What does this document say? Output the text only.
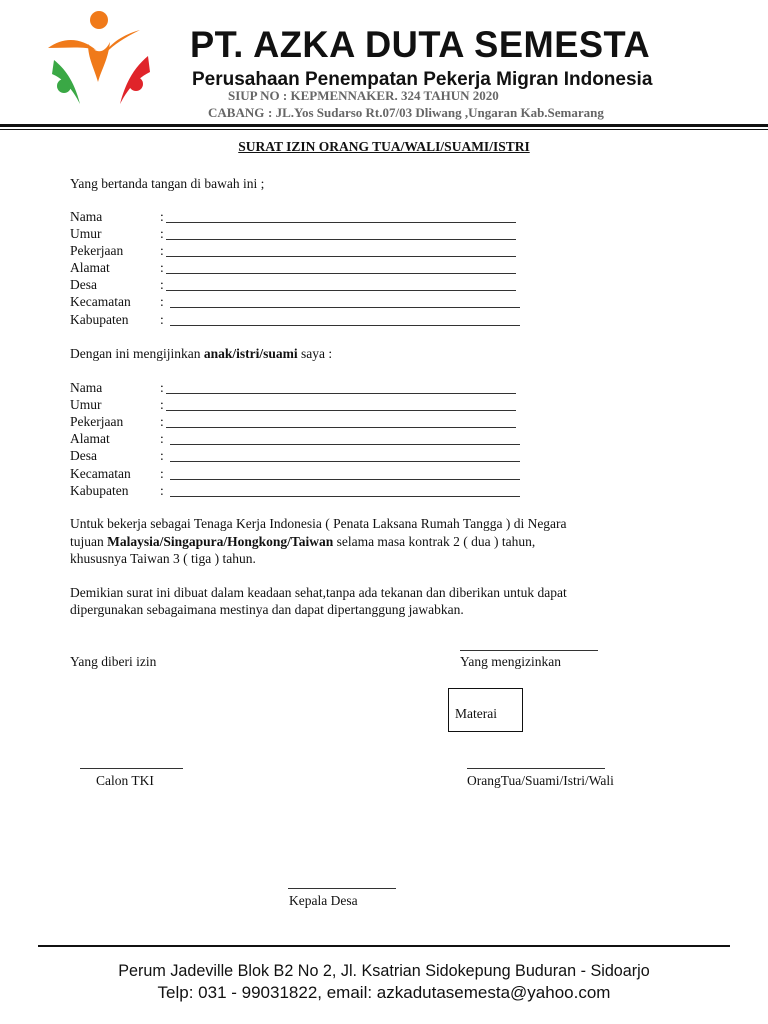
PT. AZKA DUTA SEMESTA
Perusahaan Penempatan Pekerja Migran Indonesia
SIUP NO : KEPMENNAKER. 324 TAHUN 2020
CABANG : JL.Yos Sudarso Rt.07/03 Dliwang ,Ungaran Kab.Semarang
SURAT IZIN ORANG TUA/WALI/SUAMI/ISTRI
Yang bertanda tangan di bawah ini ;
Nama
Umur
Pekerjaan
Alamat
Desa
Kecamatan
Kabupaten
:
:
:
:
:
:
:
Dengan ini mengijinkan anak/istri/suami saya :
Nama
Umur
Pekerjaan
Alamat
Desa
Kecamatan
Kabupaten
:
:
:
:
:
:
:
Untuk bekerja sebagai Tenaga Kerja Indonesia ( Penata Laksana Rumah Tangga ) di Negara
tujuan Malaysia/Singapura/Hongkong/Taiwan selama masa kontrak 2 ( dua ) tahun,
khususnya Taiwan 3 ( tiga ) tahun.
Demikian surat ini dibuat dalam keadaan sehat,tanpa ada tekanan dan diberikan untuk dapat
dipergunakan sebagaimana mestinya dan dapat dipertanggung jawabkan.
Yang diberi izin	Yang mengizinkan
Materai
Calon TKI	OrangTua/Suami/Istri/Wali
Kepala Desa
Perum Jadeville Blok B2 No 2, Jl. Ksatrian Sidokepung Buduran - Sidoarjo
Telp: 031 - 99031822, email: azkadutasemesta@yahoo.com
